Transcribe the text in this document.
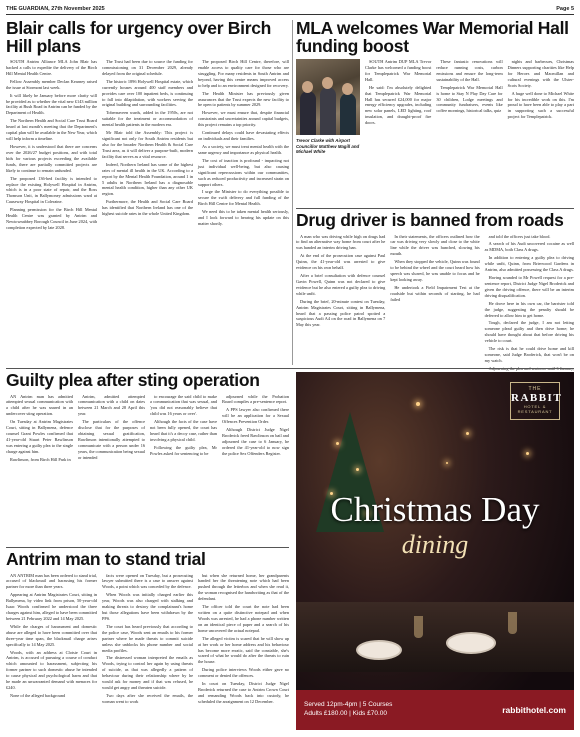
THE GUARDIAN, 27th November 2025	Page 5
Blair calls for urgency over Birch Hill plans

SOUTH Antrim Alliance MLA John Blair has backed a calls to expedite the delivery of the Birch Hill Mental Health Centre.

Fellow Assembly member Declan Kearney raised the issue at Stormont last week.

It will likely be January before more clarity will be provided as to whether the vital new £143 million facility at Bush Road in Antrim can be funded by the Department of Health.

The Northern Health and Social Care Trust Board heard at last month's meeting that the Department's capital plan will be available in the New Year, which will help inform a timeline.

However, it is understood that there are concerns over the 2026/27 budget positions, and with total bids for various projects exceeding the available funds, there are partially committed projects are likely to continue to remain unfunded.

The proposed 136-bed facility is intended to replace the existing Holywell Hospital in Antrim, which is in a poor state of repair, and the Ross Thomson Unit, in Ballymoney admissions ward at Causeway Hospital in Coleraine.

Planning permission for the Birch Hill Mental Health Centre was granted by Antrim and Newtownabbey Borough Council in June 2024, with completion expected by late 2028.

The Trust had been due to source the funding for commissioning on 31 December 2029, already delayed from the original schedule.

The historic 1896 Holywell Hospital estate, which currently houses around 400 staff members and provides care over 100 inpatient beds, is continuing to fall into dilapidation, with workers serving the original building and surrounding facilities.

Tobernaveen wards, added in the 1950s, are not suitable for the treatment or accommodation of mental health patients in the modern era.

Mr Blair told the Assembly: This project is significant not only for South Antrim residents but also for the broader Northern Health & Social Care Trust area, as it will deliver a purpose-built, modern facility that serves as a vital resource.

Indeed, Northern Ireland has some of the highest rates of mental ill health in the UK. According to a report by the Mental Health Foundation, around 1 in 5 adults in Northern Ireland has a diagnosable mental health condition, higher than any other UK region.

Furthermore, the Health and Social Care Board has identified that Northern Ireland has one of the highest suicide rates in the whole United Kingdom.

The proposed Birch Hill Centre, therefore, will enable access to quality care for those who are struggling. For many residents in South Antrim and beyond, having this centre means improved access to help and to an environment designed for recovery.

The Health Minister has previously given assurances that the Trust expects the new facility to be open to patients by summer 2029.

However, we must ensure that, despite financial constraints and uncertainties around capital budgets, this project remains a top priority.

Continued delays could have devastating effects on individuals and their families.

As a society, we must treat mental health with the same urgency and importance as physical health.

The cost of inaction is profound - impacting not just individual well-being, but also causing significant repercussions within our communities, such as reduced productivity and increased strain on support others.

I urge the Minister to do everything possible to secure the swift delivery and full funding of the Birch Hill Centre for Mental Health.

We need this to be taken mental health seriously, and I look forward to hearing his update on this matter shortly.

MLA welcomes War Memorial Hall funding boost
Trevor Clarke with Airport Councillor Matthew Magill and Michael White

SOUTH Antrim DUP MLA Trevor Clarke has welcomed a funding boost for Templepatrick War Memorial Hall.

He said: I'm absolutely delighted that Templepatrick War Memorial Hall has secured £24,000 for major energy efficiency upgrades, including new solar panels, LED lighting, roof insulation, and draught-proof fire doors.

These fantastic renovations will reduce running costs, carbon emissions and ensure the long-term sustainability of the Hall.

Templepatrick War Memorial Hall is home to Stay N Play Day Care for 30 children, Lodge meetings and community fundraisers, events like coffee mornings, historical talks, quiz

nights and barbecues, Christmas Dinners supporting charities like Help for Heroes and Macmillan and cultural evenings with the Ulster-Scots Society.

A huge well done to Michael White for his incredible work on this. I'm proud to have been able to play a part in supporting such a successful project for Templepatrick.

Drug driver is banned from roads

A man who was driving while high on drugs had to find an alternative way home from court after he was handed an interim driving ban.

At the end of the prosecution case against Paul Quinn, the 41-year-old was arrested to give evidence on his own behalf.

After a brief consultation with defence counsel Gavin Powell, Quinn was not declared to give evidence but he also entered a guilty plea to driving while unfit.

During the brief, 20-minute contest on Tuesday, Antrim Magistrates Court, sitting in Ballymena, heard that a passing police patrol spotted a suspicious Audi A4 on the road in Ballymena on 7 May this year.

In their statements, the officers outlined how the car was driving very slowly and close to the white line while the driver was hunched, slowing his mouth.

When they stopped the vehicle, Quinn was found to be behind the wheel and the court heard how his speech was slurred, he was unable to focus and he kept looking away.

He undertook a Field Impairment Test at the roadside but within seconds of starting, he had failed

and told the officers just take blood.

A search of his Audi uncovered cocaine as well as MDMA, both Class A drugs.

In addition to entering a guilty plea to driving while unfit, Quinn, from Brierwood Gardens in Antrim, also admitted possessing the Class A drugs.

Having sounded to Mr Powell request for a pre-sentence report, District Judge Nigel Broderick and given the driving offence, there will be an interim driving disqualification.

He drove here in his own car, the barrister told the judge, suggesting the penalty should be deferred to allow him to get home.

Tough, declared the judge, I am not letting someone plead guilty and then drive home; he should have thought about that before driving his vehicle to court.

The risk is that he could drive home and kill someone, said Judge Broderick, that won't be on my watch.

Guilty plea after sting operation

AN Antrim man has admitted attempted sexual communication with a child after he was snared in an undercover sting operation.

On Tuesday at Antrim Magistrates Court, sitting in Ballymena, defence counsel Grant Powles confirmed that 41-year-old Stuart Peter Rawlinson was entering a guilty plea to the single charge against him.

Rawlinson, from Birch Hill Park in

Antrim, admitted attempted communication with a child on dates between 21 March and 28 April this year.

The particulars of the offence disclose that for the purposes of obtaining sexual gratification, Rawlinson intentionally attempted to communicate with a person under 16 years, the communication being sexual or intended

to encourage the said child to make a communication that was sexual, and 'you did not reasonably believe that child was 16 years or over'.

Although the facts of the case have not been fully opened, the court has heard that it's a decoy case, rather than involving a physical child.

Following the guilty plea, Mr Powles asked for sentencing to be

adjourned while the Probation Board compiles a pre-sentence report.

A PPS lawyer also confirmed there will be an application for a Sexual Offences Prevention Order.

Although District Judge Nigel Broderick freed Rawlinson on bail and adjourned the case to 6 January, he ordered the 41-year-old to now sign the police Sex Offenders Register.

Antrim man to stand trial

AN ANTRIM man has been ordered to stand trial, accused of blackmail and harassing his former partner for more than three years.

Appearing at Antrim Magistrates Court, sitting in Ballymena, by video link from prison, 50-year-old Isaac Woods confirmed he understood the three charges against him, alleged to have been committed between 21 February 2022 and 14 May 2025.

While the charges of harassment and domestic abuse are alleged to have been committed over that three-year time span, the blackmail charge arises specifically to 14 May 2025.

Woods, with an address at Clotsie Court in Antrim, is accused of pursuing a course of conduct which amounted to harassment, subjecting his former partner to such domestic abuse he intended to cause physical and psychological harm and that he made an unwarranted demand with menaces for £240.

None of the alleged background

facts were opened on Tuesday, but a prosecuting lawyer submitted there is a case to answer against Woods, a point which was conceded by the defence.

When Woods was initially charged earlier this year, Woods was also charged with stalking and making threats to destroy the complainant's home but those allegations have been withdrawn by the PPS.

The court has heard previously that according to the police case, Woods sent an emails to his former partner where he made threats to commit suicide unless she unblocks his phone number and social media profiles.

The distressed woman interpreted the emails as Woods, trying to control her again by using threats of suicide, as that was allegedly a pattern of behaviour during their relationship where by he would ask for money and if that was refused, he would get angry and threaten suicide.

Two days after she received the emails, the woman went to work

but when she returned home, her grandparents handed her the threatening note which had been pushed through the letterbox and when she read it, the woman recognised the handwriting as that of the defendant.

The officer told the court the note had been written on a quite distinctive notepad and when Woods was arrested, he had a phone number written on an identical piece of paper and a search of his home uncovered the actual notepad.

The alleged victim is scared that he will show up at her work or her home address and his behaviour has become more erratic, said the constable, she's scared of what he would do after the threats to ruin the house.

During police interviews Woods either gave no comment or denied the offences.

In court on Tuesday, District Judge Nigel Broderick returned the case to Antrim Crown Court and remanding Woods back into custody, he scheduled the arraignment on 12 December.

THE
RABBIT
HOTEL & RESTAURANT
Christmas Day
dining
Served 12pm-4pm | 5 Courses
Adults £180.00 | Kids £70.00	rabbithotel.com
